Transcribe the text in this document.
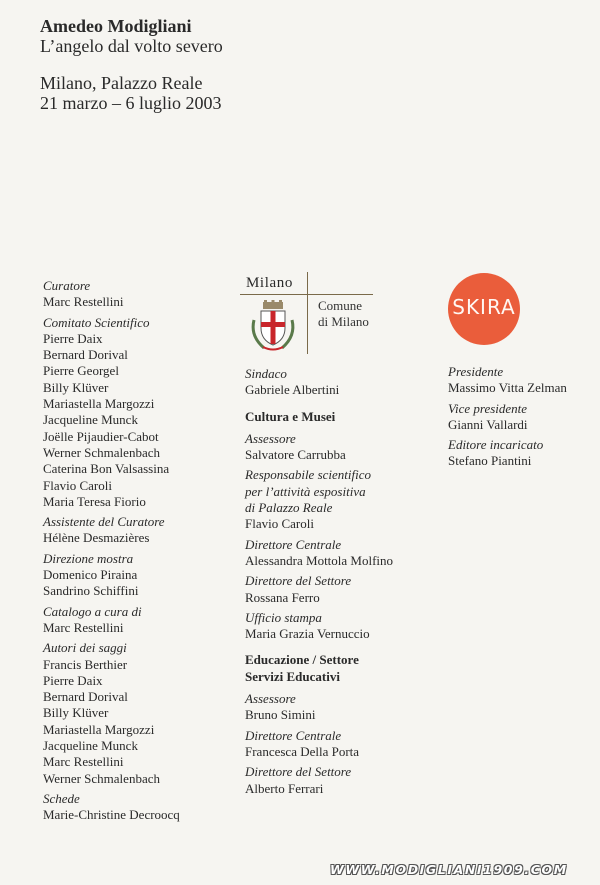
Amedeo Modigliani
L’angelo dal volto severo
Milano, Palazzo Reale
21 marzo – 6 luglio 2003
Curatore
Marc Restellini
Comitato Scientifico
Pierre Daix
Bernard Dorival
Pierre Georgel
Billy Klüver
Mariastella Margozzi
Jacqueline Munck
Joëlle Pijaudier-Cabot
Werner Schmalenbach
Caterina Bon Valsassina
Flavio Caroli
Maria Teresa Fiorio
Assistente del Curatore
Hélène Desmazières
Direzione mostra
Domenico Piraina
Sandrino Schiffini
Catalogo a cura di
Marc Restellini
Autori dei saggi
Francis Berthier
Pierre Daix
Bernard Dorival
Billy Klüver
Mariastella Margozzi
Jacqueline Munck
Marc Restellini
Werner Schmalenbach
Schede
Marie-Christine Decroocq
Milano
Comune
di Milano
Sindaco
Gabriele Albertini
Cultura e Musei
Assessore
Salvatore Carrubba
Responsabile scientifico
per l’attività espositiva
di Palazzo Reale
Flavio Caroli
Direttore Centrale
Alessandra Mottola Molfino
Direttore del Settore
Rossana Ferro
Ufficio stampa
Maria Grazia Vernuccio
Educazione / Settore
Servizi Educativi
Assessore
Bruno Simini
Direttore Centrale
Francesca Della Porta
Direttore del Settore
Alberto Ferrari
SKIRA
Presidente
Massimo Vitta Zelman
Vice presidente
Gianni Vallardi
Editore incaricato
Stefano Piantini
WWW.MODIGLIANI1909.COM
